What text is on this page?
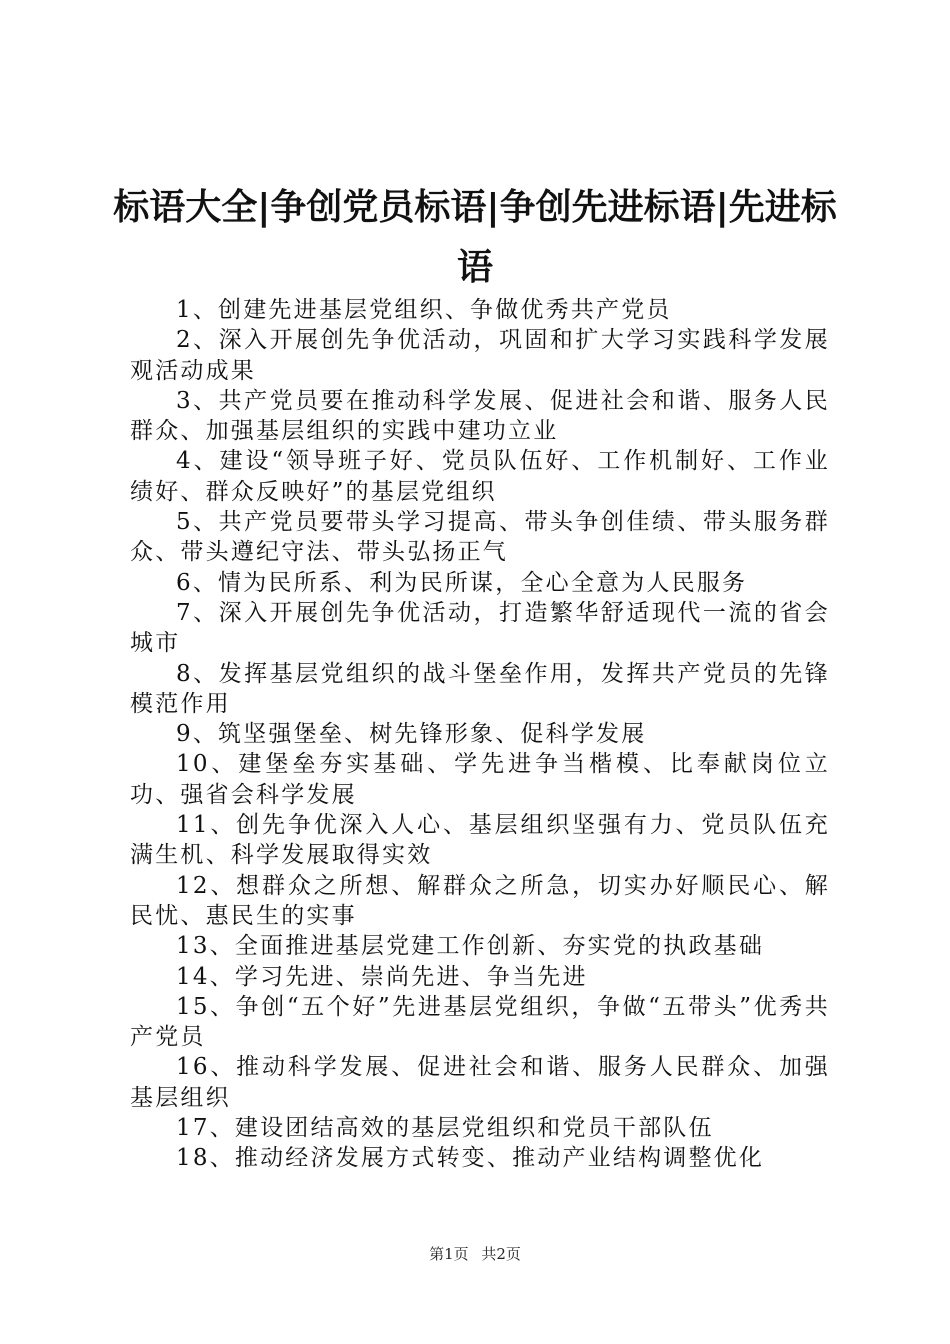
标语大全|争创党员标语|争创先进标语|先进标语

1、创建先进基层党组织、争做优秀共产党员

2、深入开展创先争优活动，巩固和扩大学习实践科学发展观活动成果

3、共产党员要在推动科学发展、促进社会和谐、服务人民群众、加强基层组织的实践中建功立业

4、建设“领导班子好、党员队伍好、工作机制好、工作业绩好、群众反映好”的基层党组织

5、共产党员要带头学习提高、带头争创佳绩、带头服务群众、带头遵纪守法、带头弘扬正气

6、情为民所系、利为民所谋，全心全意为人民服务

7、深入开展创先争优活动，打造繁华舒适现代一流的省会城市

8、发挥基层党组织的战斗堡垒作用，发挥共产党员的先锋模范作用

9、筑坚强堡垒、树先锋形象、促科学发展

10、建堡垒夯实基础、学先进争当楷模、比奉献岗位立功、强省会科学发展

11、创先争优深入人心、基层组织坚强有力、党员队伍充满生机、科学发展取得实效

12、想群众之所想、解群众之所急，切实办好顺民心、解民忧、惠民生的实事

13、全面推进基层党建工作创新、夯实党的执政基础

14、学习先进、崇尚先进、争当先进

15、争创“五个好”先进基层党组织，争做“五带头”优秀共产党员

16、推动科学发展、促进社会和谐、服务人民群众、加强基层组织

17、建设团结高效的基层党组织和党员干部队伍

18、推动经济发展方式转变、推动产业结构调整优化

第1页 共2页
